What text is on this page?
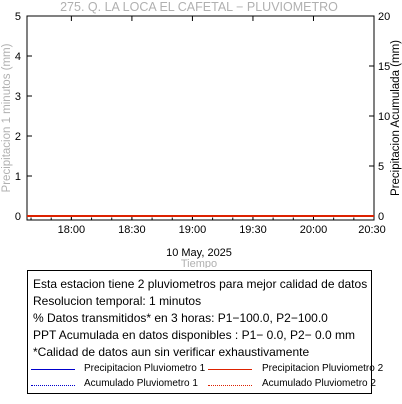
275. Q. LA LOCA EL CAFETAL − PLUVIOMETRO
18:00	18:30	19:00	19:30	20:00	20:30
0
1
2
3
4
5
0
5
10
15
20
Precipitacion 1 minutos (mm)	Precipitacion Acumulada (mm)
10 May, 2025
Tiempo
Esta estacion tiene 2 pluviometros para mejor calidad de datos
Resolucion temporal: 1 minutos
% Datos transmitidos* en 3 horas: P1−100.0, P2−100.0
PPT Acumulada en datos disponibles : P1− 0.0, P2− 0.0 mm
*Calidad de datos aun sin verificar exhaustivamente
Precipitacion Pluviometro 1	Precipitacion Pluviometro 2
Acumulado Pluviometro 1	Acumulado Pluviometro 2
